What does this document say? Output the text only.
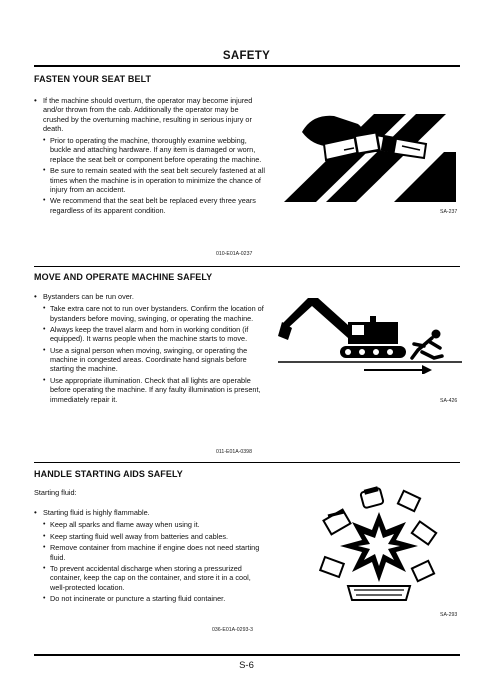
SAFETY
FASTEN YOUR SEAT BELT
• If the machine should overturn, the operator may become injured and/or thrown from the cab. Additionally the operator may be crushed by the overturning machine, resulting in serious injury or death.
• Prior to operating the machine, thoroughly examine webbing, buckle and attaching hardware. If any item is damaged or worn, replace the seat belt or component before operating the machine.
• Be sure to remain seated with the seat belt securely fastened at all times when the machine is in operation to minimize the chance of injury from an accident.
• We recommend that the seat belt be replaced every three years regardless of its apparent condition.
010-E01A-0237
SA-237
MOVE AND OPERATE MACHINE SAFELY
• Bystanders can be run over.
• Take extra care not to run over bystanders. Confirm the location of bystanders before moving, swinging, or operating the machine.
• Always keep the travel alarm and horn in working condition (if equipped). It warns people when the machine starts to move.
• Use a signal person when moving, swinging, or operating the machine in congested areas. Coordinate hand signals before starting the machine.
• Use appropriate illumination. Check that all lights are operable before operating the machine. If any faulty illumination is present, immediately repair it.
011-E01A-0398
SA-426
HANDLE STARTING AIDS SAFELY
Starting fluid:
• Starting fluid is highly flammable.
• Keep all sparks and flame away when using it.
• Keep starting fluid well away from batteries and cables.
• Remove container from machine if engine does not need starting fluid.
• To prevent accidental discharge when storing a pressurized container, keep the cap on the container, and store it in a cool, well-protected location.
• Do not incinerate or puncture a starting fluid container.
036-E01A-0293-3
SA-293
S-6
